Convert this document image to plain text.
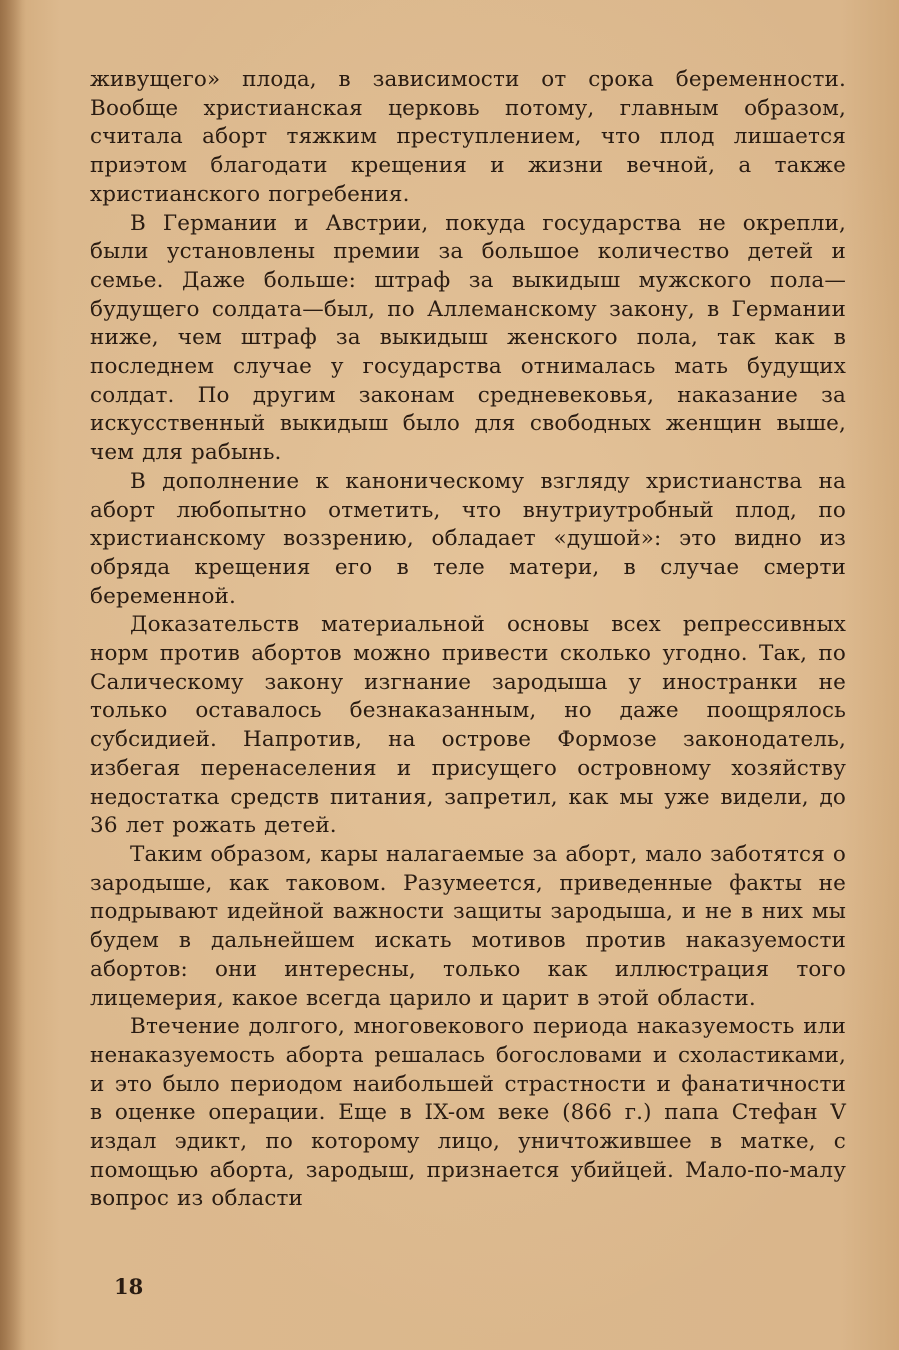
живущего» плода, в зависимости от срока беременности. Вообще христианская церковь потому, главным образом, считала аборт тяжким преступлением, что плод лишается приэтом благодати крещения и жизни вечной, а также христианского погребения.

В Германии и Австрии, покуда государства не окрепли, были установлены премии за большое количество детей и семье. Даже больше: штраф за выкидыш мужского пола—будущего солдата—был, по Аллеманскому закону, в Германии ниже, чем штраф за выкидыш женского пола, так как в последнем случае у государства отнималась мать будущих солдат. По другим законам средневековья, наказание за искусственный выкидыш было для свободных женщин выше, чем для рабынь.

В дополнение к каноническому взгляду христианства на аборт любопытно отметить, что внутриутробный плод, по христианскому воззрению, обладает «душой»: это видно из обряда крещения его в теле матери, в случае смерти беременной.

Доказательств материальной основы всех репрессивных норм против абортов можно привести сколько угодно. Так, по Салическому закону изгнание зародыша у иностранки не только оставалось безнаказанным, но даже поощрялось субсидией. Напротив, на острове Формозе законодатель, избегая перенаселения и присущего островному хозяйству недостатка средств питания, запретил, как мы уже видели, до 36 лет рожать детей.

Таким образом, кары налагаемые за аборт, мало заботятся о зародыше, как таковом. Разумеется, приведенные факты не подрывают идейной важности защиты зародыша, и не в них мы будем в дальнейшем искать мотивов против наказуемости абортов: они интересны, только как иллюстрация того лицемерия, какое всегда царило и царит в этой области.

Втечение долгого, многовекового периода наказуемость или ненаказуемость аборта решалась богословами и схоластиками, и это было периодом наибольшей страстности и фанатичности в оценке операции. Еще в IX-ом веке (866 г.) папа Стефан V издал эдикт, по которому лицо, уничтожившее в матке, с помощью аборта, зародыш, признается убийцей. Мало-по-малу вопрос из области

18
